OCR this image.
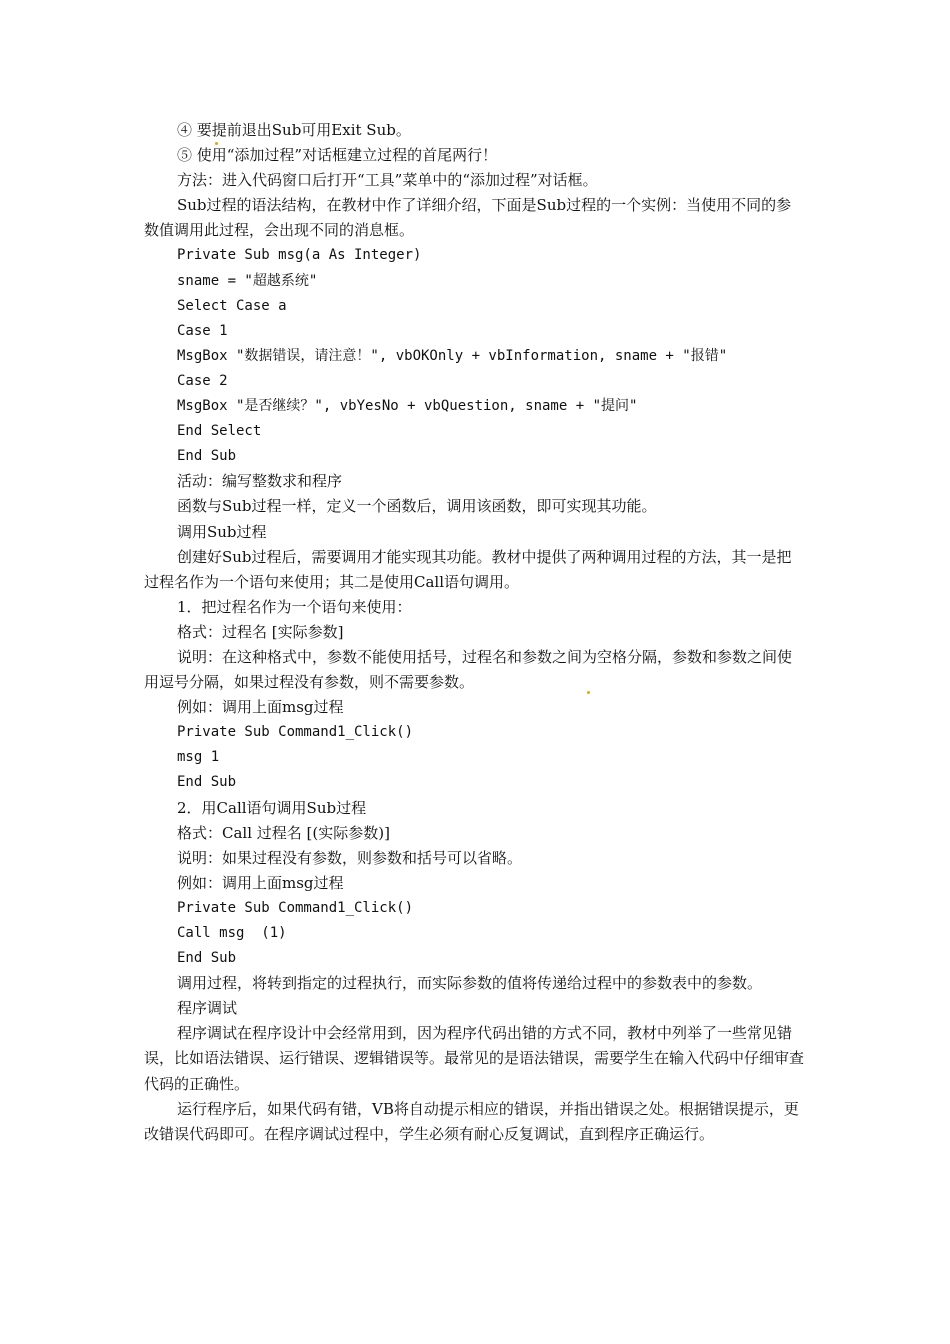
④ 要提前退出Sub可用Exit Sub。

⑤ 使用“添加过程”对话框建立过程的首尾两行！

方法：进入代码窗口后打开“工具”菜单中的“添加过程”对话框。

Sub过程的语法结构，在教材中作了详细介绍，下面是Sub过程的一个实例：当使用不同的参数值调用此过程，会出现不同的消息框。

Private Sub msg(a As Integer)

sname = "超越系统"

Select Case a

Case 1

MsgBox "数据错误，请注意！", vbOKOnly + vbInformation, sname + "报错"

Case 2

MsgBox "是否继续？", vbYesNo + vbQuestion, sname + "提问"

End Select

End Sub

活动：编写整数求和程序

函数与Sub过程一样，定义一个函数后，调用该函数，即可实现其功能。

调用Sub过程

创建好Sub过程后，需要调用才能实现其功能。教材中提供了两种调用过程的方法，其一是把过程名作为一个语句来使用；其二是使用Call语句调用。

1．把过程名作为一个语句来使用：

格式：过程名 [实际参数]

说明：在这种格式中，参数不能使用括号，过程名和参数之间为空格分隔，参数和参数之间使用逗号分隔，如果过程没有参数，则不需要参数。

例如：调用上面msg过程

Private Sub Command1_Click()

msg 1

End Sub

2．用Call语句调用Sub过程

格式：Call 过程名 [(实际参数)]

说明：如果过程没有参数，则参数和括号可以省略。

例如：调用上面msg过程

Private Sub Command1_Click()

Call msg  (1)

End Sub

调用过程，将转到指定的过程执行，而实际参数的值将传递给过程中的参数表中的参数。

程序调试

程序调试在程序设计中会经常用到，因为程序代码出错的方式不同，教材中列举了一些常见错误，比如语法错误、运行错误、逻辑错误等。最常见的是语法错误，需要学生在输入代码中仔细审查代码的正确性。

运行程序后，如果代码有错，VB将自动提示相应的错误，并指出错误之处。根据错误提示，更改错误代码即可。在程序调试过程中，学生必须有耐心反复调试，直到程序正确运行。
